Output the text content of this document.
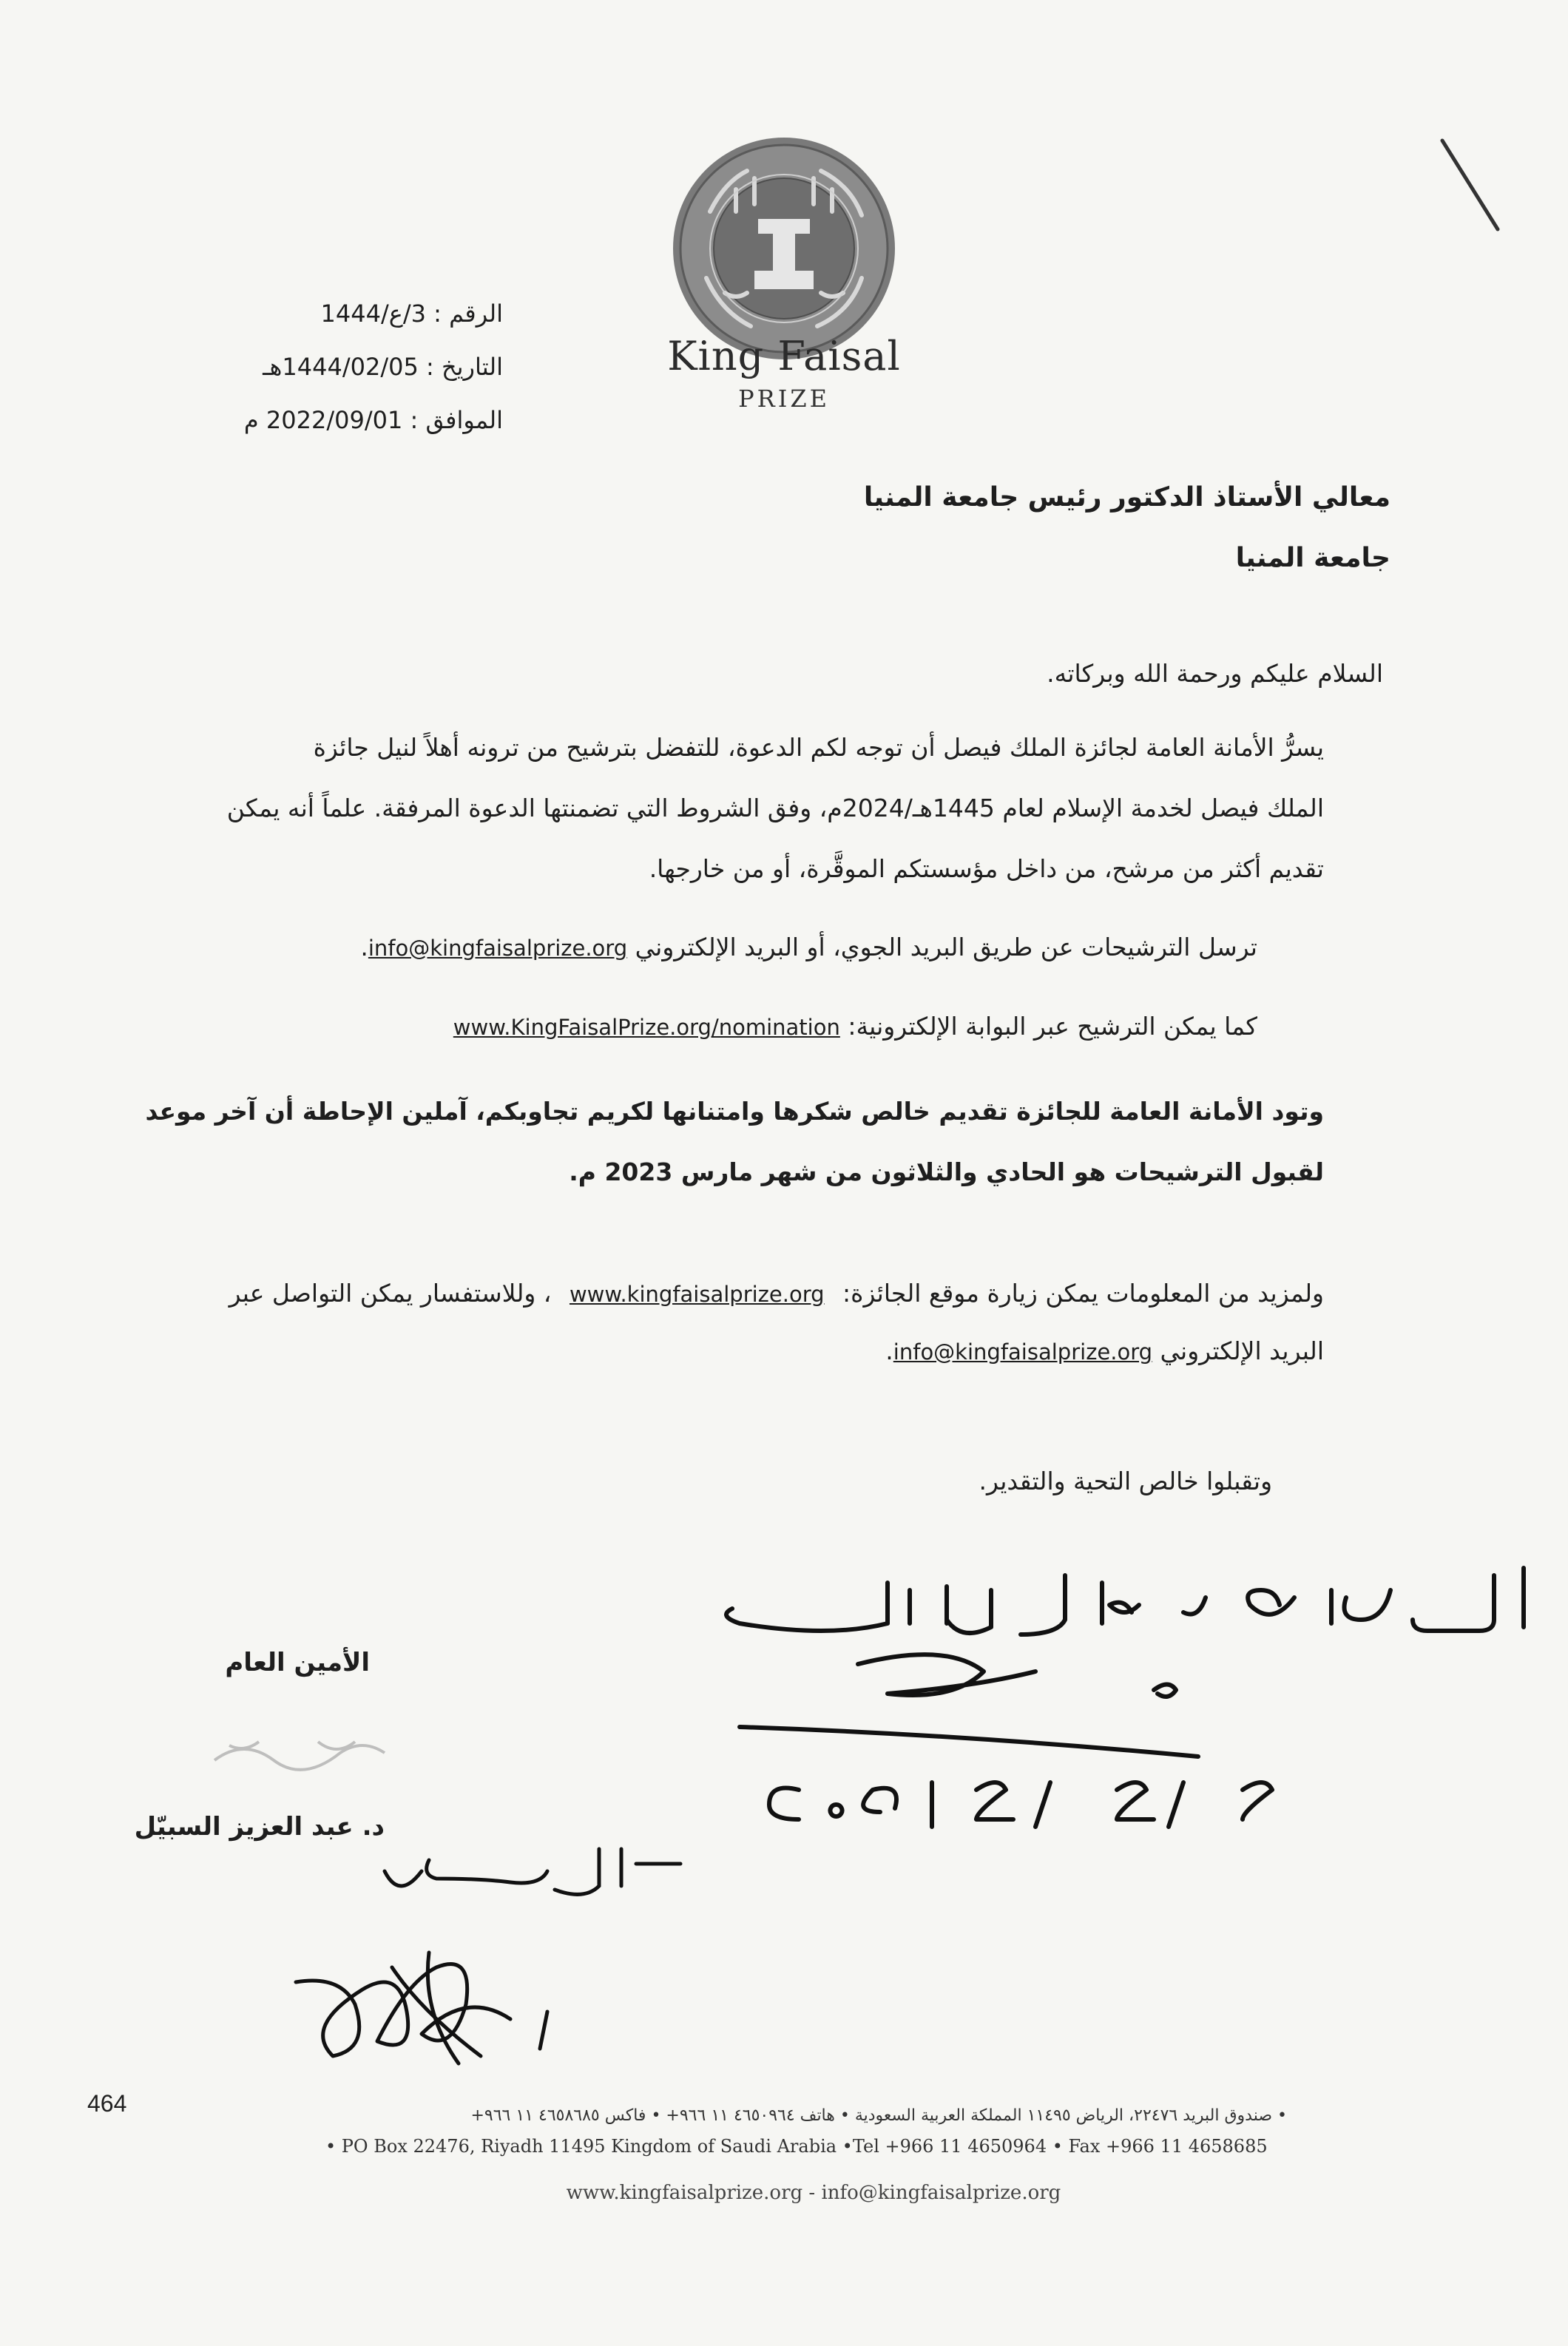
King Faisal
PRIZE
الرقم : 3/ع/1444
التاريخ : 1444/02/05هـ
الموافق : 2022/09/01 م
معالي الأستاذ الدكتور رئيس جامعة المنيا
جامعة المنيا
السلام عليكم ورحمة الله وبركاته.
يسرُّ الأمانة العامة لجائزة الملك فيصل أن توجه لكم الدعوة، للتفضل بترشيح من ترونه أهلاً لنيل جائزة
الملك فيصل لخدمة الإسلام لعام 1445هـ/2024م، وفق الشروط التي تضمنتها الدعوة المرفقة. علماً أنه يمكن
تقديم أكثر من مرشح، من داخل مؤسستكم الموقَّرة، أو من خارجها.
ترسل الترشيحات عن طريق البريد الجوي، أو البريد الإلكتروني info@kingfaisalprize.org.
كما يمكن الترشيح عبر البوابة الإلكترونية: www.KingFaisalPrize.org/nomination
وتود الأمانة العامة للجائزة تقديم خالص شكرها وامتنانها لكريم تجاوبكم، آملين الإحاطة أن آخر موعد
لقبول الترشيحات هو الحادي والثلاثون من شهر مارس 2023 م.
ولمزيد من المعلومات يمكن زيارة موقع الجائزة: www.kingfaisalprize.org ، وللاستفسار يمكن التواصل عبر
البريد الإلكتروني info@kingfaisalprize.org.
وتقبلوا خالص التحية والتقدير.
الأمين العام
د. عبد العزيز السبيّل
464	• صندوق البريد ٢٢٤٧٦، الرياض ١١٤٩٥ المملكة العربية السعودية • هاتف ٤٦٥٠٩٦٤ ١١ ٩٦٦+ • فاكس ٤٦٥٨٦٨٥ ١١ ٩٦٦+
• PO Box 22476, Riyadh 11495 Kingdom of Saudi Arabia •Tel +966 11 4650964 • Fax +966 11 4658685
www.kingfaisalprize.org - info@kingfaisalprize.org
